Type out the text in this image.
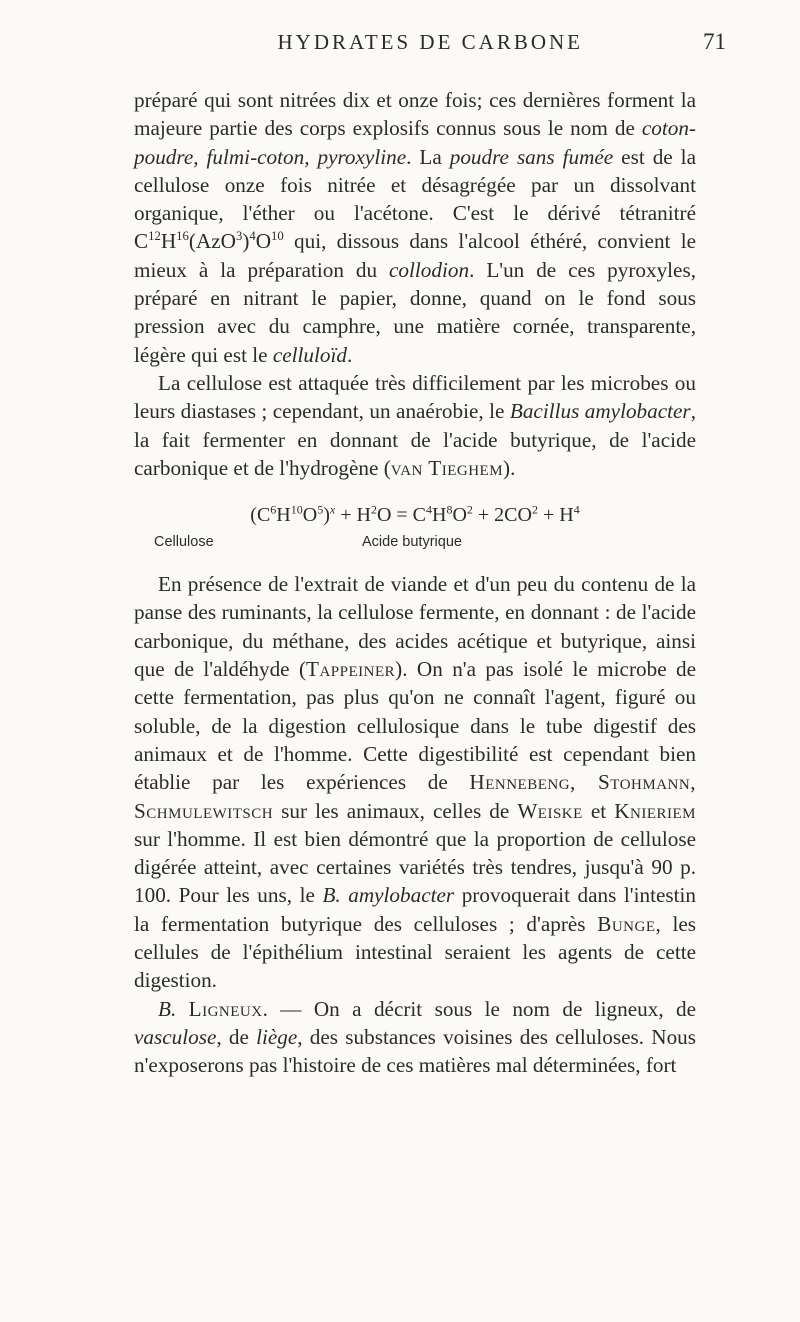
HYDRATES DE CARBONE	71

préparé qui sont nitrées dix et onze fois; ces dernières forment la majeure partie des corps explosifs connus sous le nom de coton-poudre, fulmi-coton, pyroxyline. La poudre sans fumée est de la cellulose onze fois nitrée et désagrégée par un dissolvant organique, l'éther ou l'acétone. C'est le dérivé tétranitré $C^{12}H^{16}(AzO^3)^4O^{10}$ qui, dissous dans l'alcool éthéré, convient le mieux à la préparation du collodion. L'un de ces pyroxyles, préparé en nitrant le papier, donne, quand on le fond sous pression avec du camphre, une matière cornée, transparente, légère qui est le celluloïd.

La cellulose est attaquée très difficilement par les microbes ou leurs diastases ; cependant, un anaérobie, le Bacillus amylobacter, la fait fermenter en donnant de l'acide butyrique, de l'acide carbonique et de l'hydrogène (van Tieghem).

$(C^6H^{10}O^5)^x + H^2O = C^4H^8O^2 + 2CO^2 + H^4$
Cellulose	Acide butyrique

En présence de l'extrait de viande et d'un peu du contenu de la panse des ruminants, la cellulose fermente, en donnant : de l'acide carbonique, du méthane, des acides acétique et butyrique, ainsi que de l'aldéhyde (Tappeiner). On n'a pas isolé le microbe de cette fermentation, pas plus qu'on ne connaît l'agent, figuré ou soluble, de la digestion cellulosique dans le tube digestif des animaux et de l'homme. Cette digestibilité est cependant bien établie par les expériences de Hennebeng, Stohmann, Schmulewitsch sur les animaux, celles de Weiske et Knierieм sur l'homme. Il est bien démontré que la proportion de cellulose digérée atteint, avec certaines variétés très tendres, jusqu'à 90 p. 100. Pour les uns, le B. amylobacter provoquerait dans l'intestin la fermentation butyrique des celluloses ; d'après Bunge, les cellules de l'épithélium intestinal seraient les agents de cette digestion.

B. Ligneux. — On a décrit sous le nom de ligneux, de vasculose, de liège, des substances voisines des celluloses. Nous n'exposerons pas l'histoire de ces matières mal déterminées, fort
